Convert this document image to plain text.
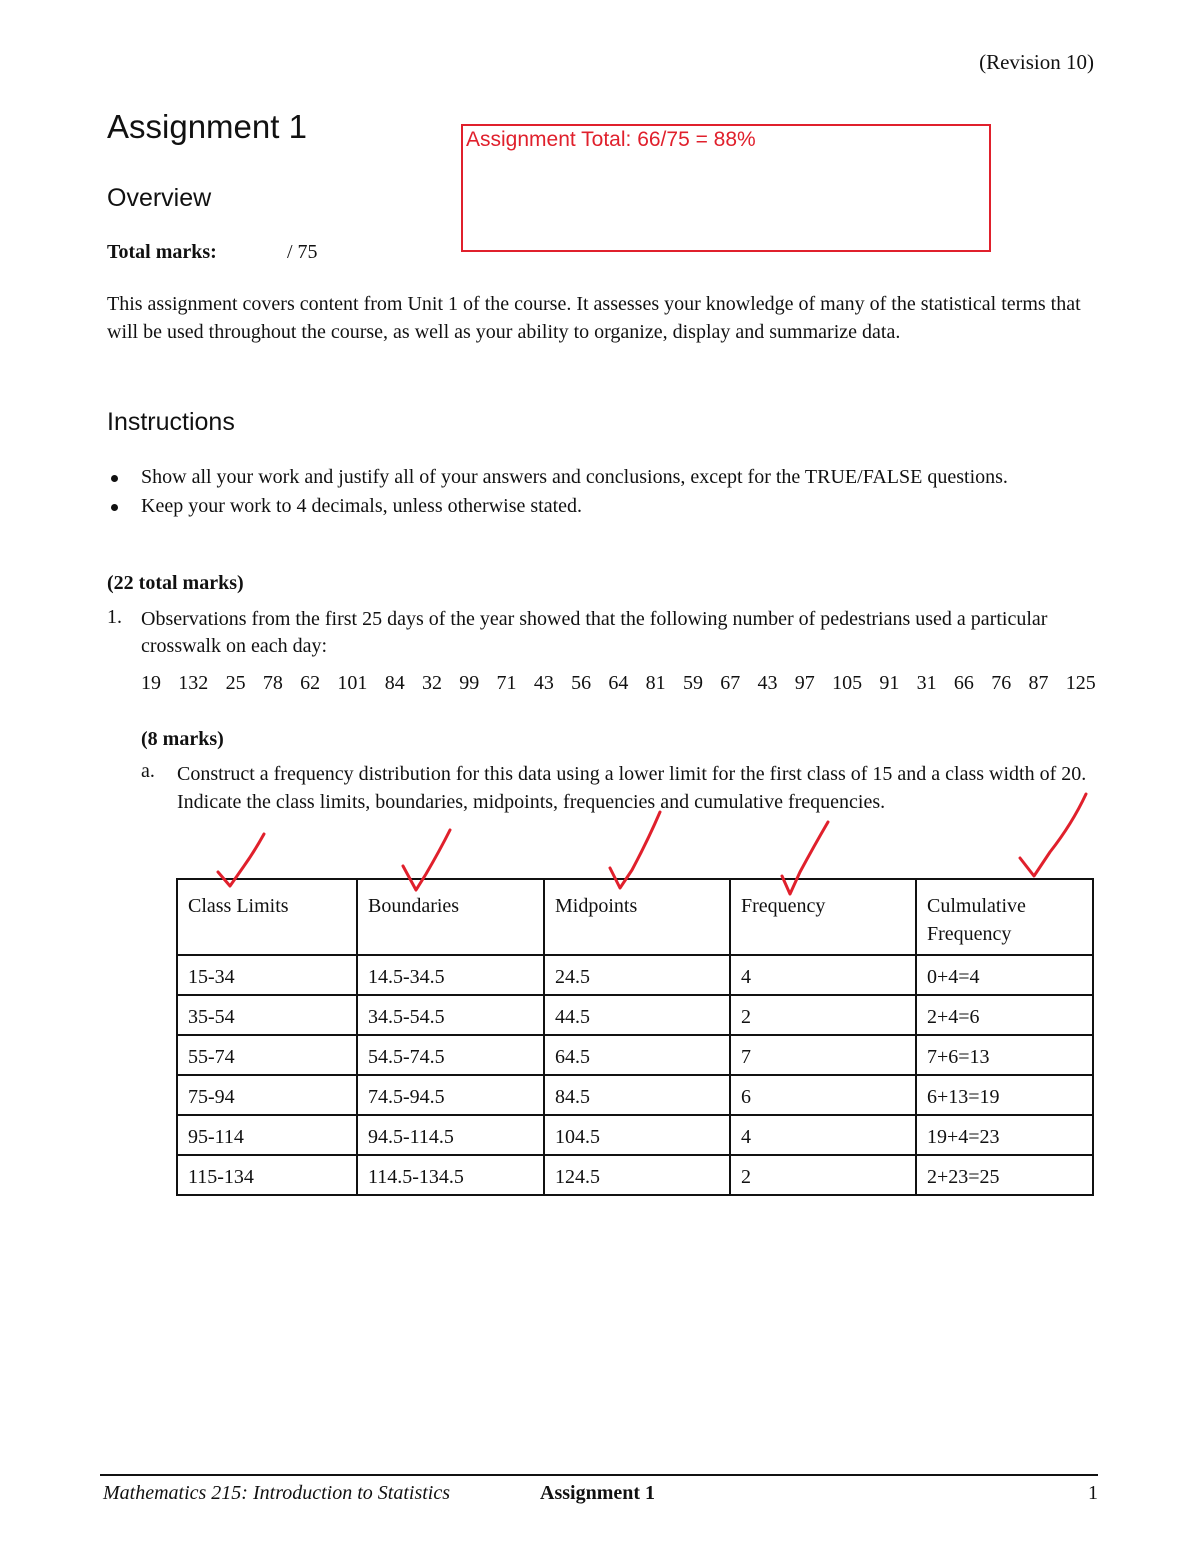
(Revision 10)
Assignment 1	Assignment Total: 66/75 = 88%
Overview
Total marks:	/ 75
This assignment covers content from Unit 1 of the course. It assesses your knowledge of many of the statistical terms that will be used throughout the course, as well as your ability to organize, display and summarize data.
Instructions
Show all your work and justify all of your answers and conclusions, except for the TRUE/FALSE questions.
Keep your work to 4 decimals, unless otherwise stated.
(22 total marks)
1. Observations from the first 25 days of the year showed that the following number of pedestrians used a particular crosswalk on each day:
19 132 25 78 62 101 84 32 99 71 43 56 64 81 59 67 43 97 105 91 31 66 76 87 125
(8 marks)
a. Construct a frequency distribution for this data using a lower limit for the first class of 15 and a class width of 20. Indicate the class limits, boundaries, midpoints, frequencies and cumulative frequencies.
Class Limits	Boundaries	Midpoints	Frequency	Culmulative Frequency
15-34	14.5-34.5	24.5	4	0+4=4
35-54	34.5-54.5	44.5	2	2+4=6
55-74	54.5-74.5	64.5	7	7+6=13
75-94	74.5-94.5	84.5	6	6+13=19
95-114	94.5-114.5	104.5	4	19+4=23
115-134	114.5-134.5	124.5	2	2+23=25
Mathematics 215: Introduction to Statistics	Assignment 1	1
